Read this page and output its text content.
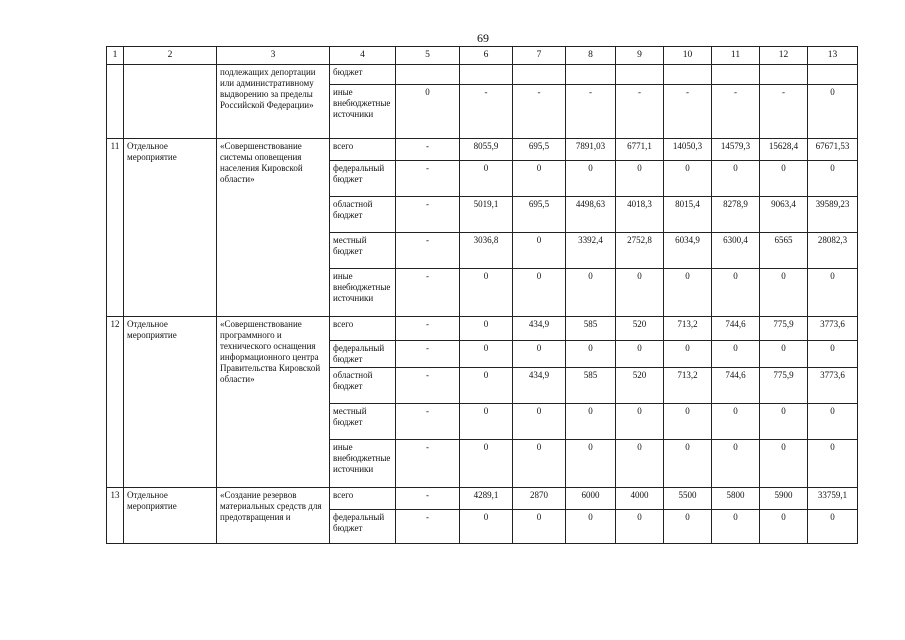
69
1	2	3	4	5	6	7	8	9	10	11	12	13
		подлежащих депортации или административному выдворению за пределы Российской Федерации»	бюджет									
			иные внебюджетные источники	0	-	-	-	-	-	-	-	0
11	Отдельное мероприятие	«Совершенствование системы оповещения населения Кировской области»	всего	-	8055,9	695,5	7891,03	6771,1	14050,3	14579,3	15628,4	67671,53
			федеральный бюджет	-	0	0	0	0	0	0	0	0
			областной бюджет	-	5019,1	695,5	4498,63	4018,3	8015,4	8278,9	9063,4	39589,23
			местный бюджет	-	3036,8	0	3392,4	2752,8	6034,9	6300,4	6565	28082,3
			иные внебюджетные источники	-	0	0	0	0	0	0	0	0
12	Отдельное мероприятие	«Совершенствование программного и технического оснащения информационного центра Правительства Кировской области»	всего	-	0	434,9	585	520	713,2	744,6	775,9	3773,6
			федеральный бюджет	-	0	0	0	0	0	0	0	0
			областной бюджет	-	0	434,9	585	520	713,2	744,6	775,9	3773,6
			местный бюджет	-	0	0	0	0	0	0	0	0
			иные внебюджетные источники	-	0	0	0	0	0	0	0	0
13	Отдельное мероприятие	«Создание резервов материальных средств для предотвращения и	всего	-	4289,1	2870	6000	4000	5500	5800	5900	33759,1
			федеральный бюджет	-	0	0	0	0	0	0	0	0
